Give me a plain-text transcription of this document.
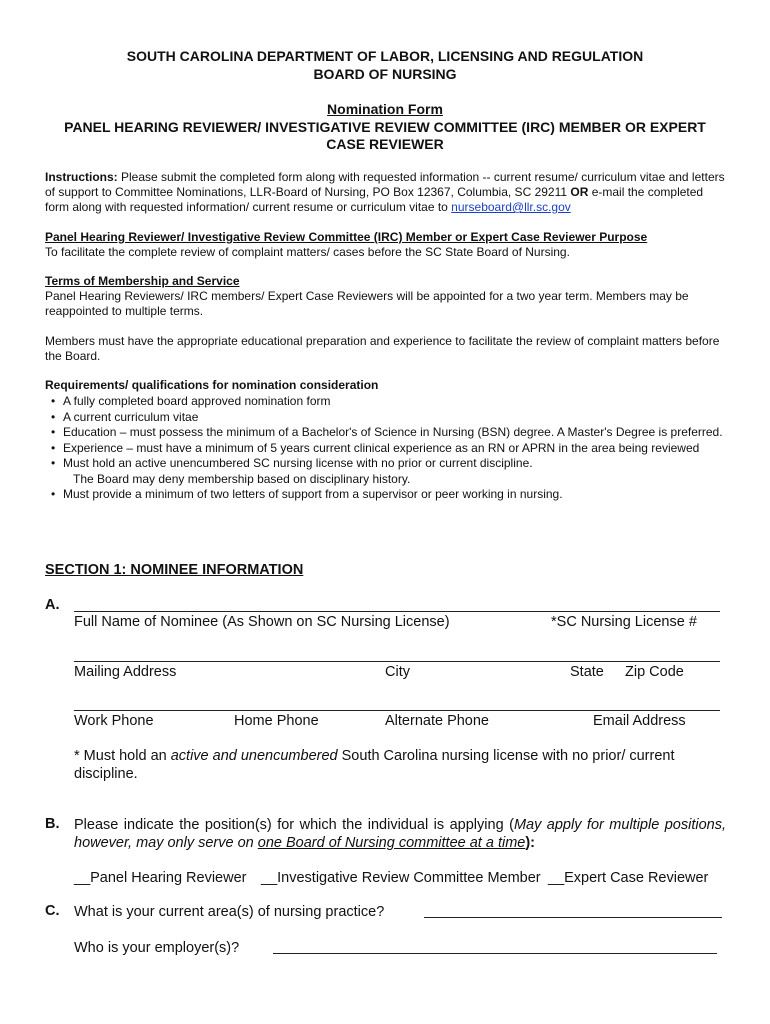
SOUTH CAROLINA DEPARTMENT OF LABOR, LICENSING AND REGULATION
BOARD OF NURSING
Nomination Form
PANEL HEARING REVIEWER/ INVESTIGATIVE REVIEW COMMITTEE (IRC) MEMBER OR EXPERT
CASE REVIEWER
Instructions: Please submit the completed form along with requested information -- current resume/ curriculum vitae and letters of support to Committee Nominations, LLR-Board of Nursing, PO Box 12367, Columbia, SC 29211 OR e-mail the completed form along with requested information/ current resume or curriculum vitae to nurseboard@llr.sc.gov
Panel Hearing Reviewer/ Investigative Review Committee (IRC) Member or Expert Case Reviewer Purpose
To facilitate the complete review of complaint matters/ cases before the SC State Board of Nursing.
Terms of Membership and Service
Panel Hearing Reviewers/ IRC members/ Expert Case Reviewers will be appointed for a two year term. Members may be reappointed to multiple terms.
Members must have the appropriate educational preparation and experience to facilitate the review of complaint matters before the Board.
Requirements/ qualifications for nomination consideration
• A fully completed board approved nomination form
• A current curriculum vitae
• Education – must possess the minimum of a Bachelor's of Science in Nursing (BSN) degree. A Master's Degree is preferred.
• Experience – must have a minimum of 5 years current clinical experience as an RN or APRN in the area being reviewed
• Must hold an active unencumbered SC nursing license with no prior or current discipline.
The Board may deny membership based on disciplinary history.
• Must provide a minimum of two letters of support from a supervisor or peer working in nursing.
SECTION 1: NOMINEE INFORMATION
A.
Full Name of Nominee (As Shown on SC Nursing License)	*SC Nursing License #
Mailing Address	City	State Zip Code
Work Phone	Home Phone	Alternate Phone	Email Address
* Must hold an active and unencumbered South Carolina nursing license with no prior/ current discipline.
B. Please indicate the position(s) for which the individual is applying (May apply for multiple positions, however, may only serve on one Board of Nursing committee at a time):
__Panel Hearing Reviewer __Investigative Review Committee Member __Expert Case Reviewer
C. What is your current area(s) of nursing practice?
Who is your employer(s)?
